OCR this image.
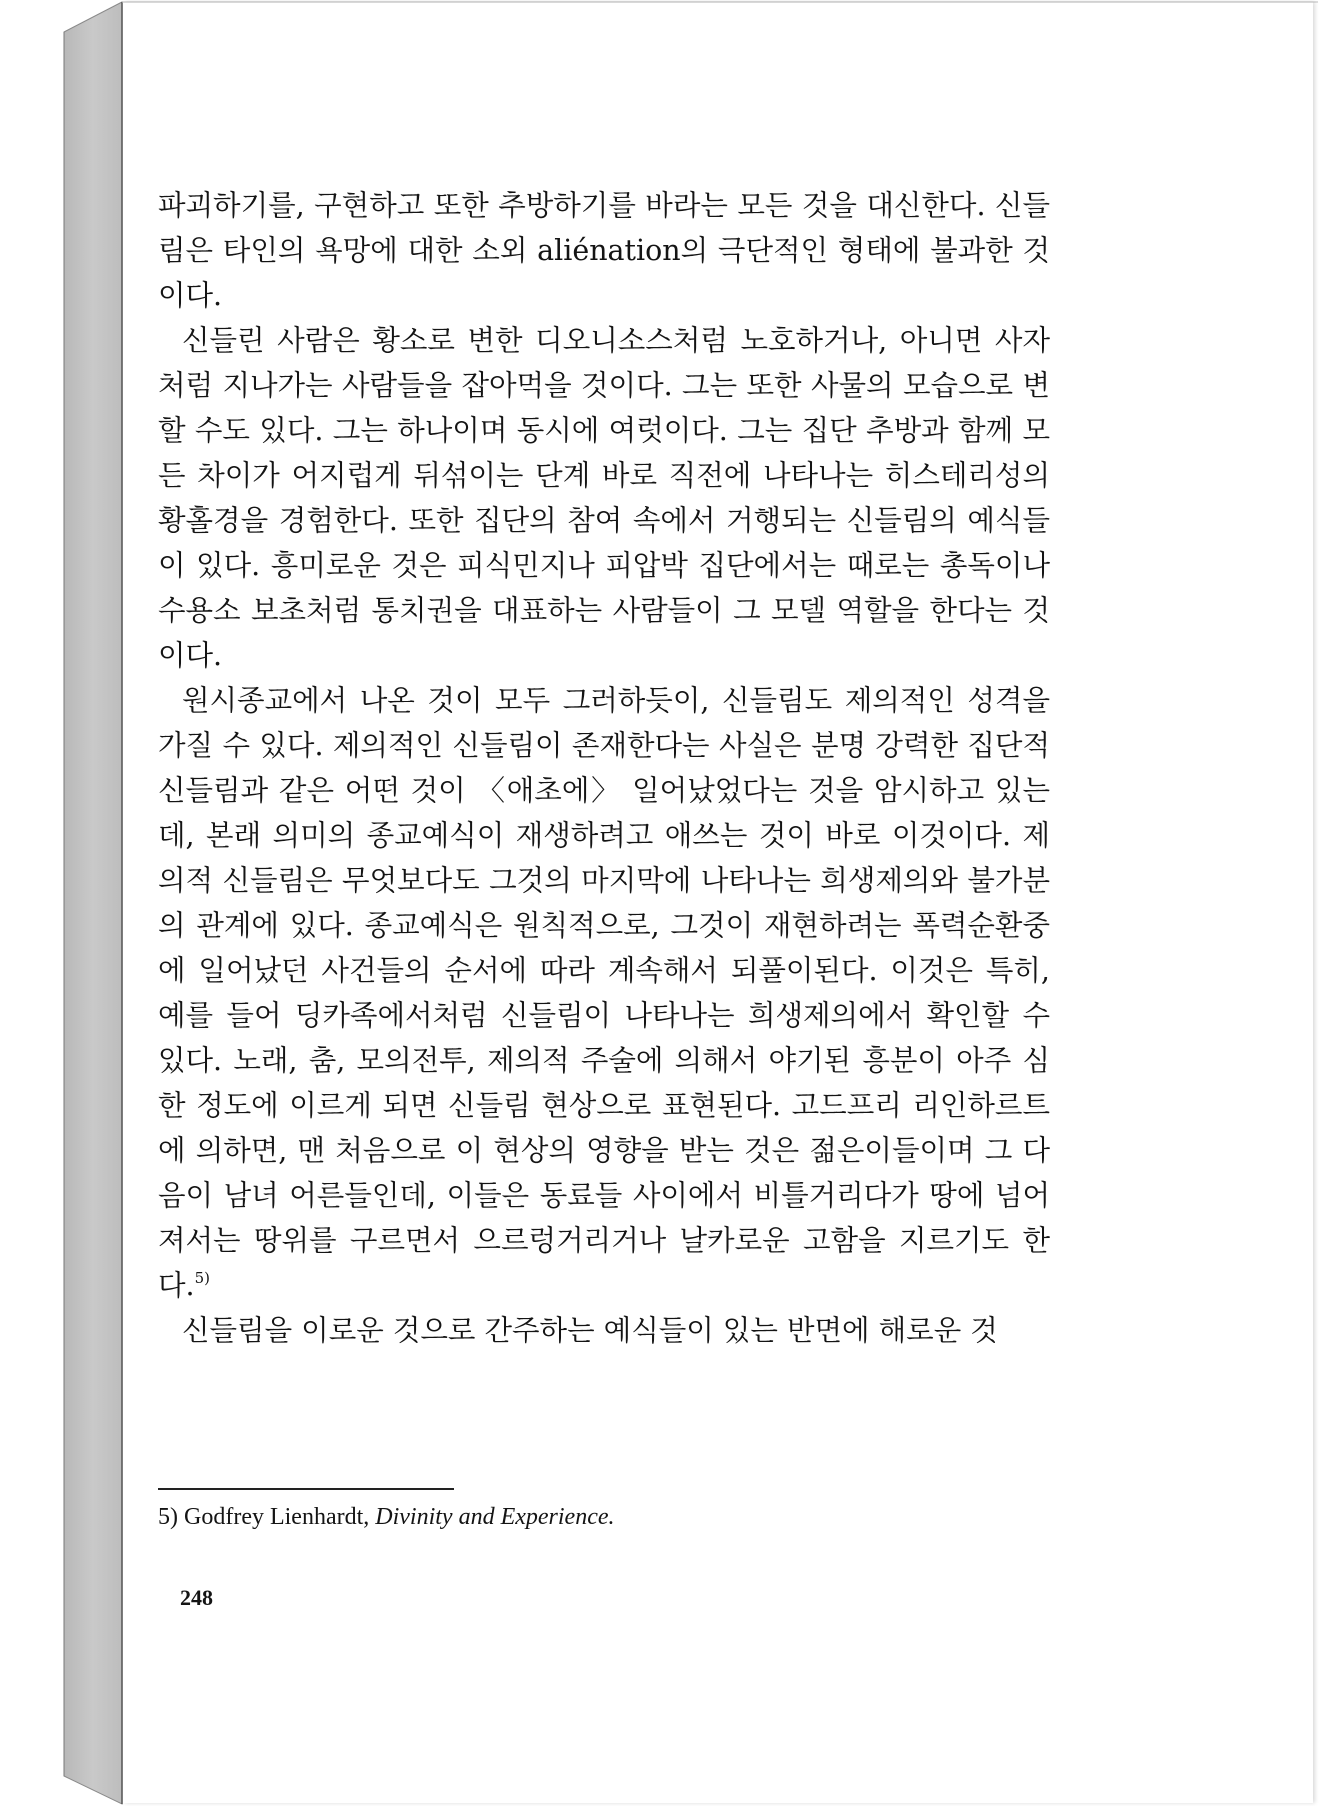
파괴하기를, 구현하고 또한 추방하기를 바라는 모든 것을 대신한다. 신들림은 타인의 욕망에 대한 소외 aliénation의 극단적인 형태에 불과한 것이다.

신들린 사람은 황소로 변한 디오니소스처럼 노호하거나, 아니면 사자처럼 지나가는 사람들을 잡아먹을 것이다. 그는 또한 사물의 모습으로 변할 수도 있다. 그는 하나이며 동시에 여럿이다. 그는 집단 추방과 함께 모든 차이가 어지럽게 뒤섞이는 단계 바로 직전에 나타나는 히스테리성의 황홀경을 경험한다. 또한 집단의 참여 속에서 거행되는 신들림의 예식들이 있다. 흥미로운 것은 피식민지나 피압박 집단에서는 때로는 총독이나 수용소 보초처럼 통치권을 대표하는 사람들이 그 모델 역할을 한다는 것이다.

원시종교에서 나온 것이 모두 그러하듯이, 신들림도 제의적인 성격을 가질 수 있다. 제의적인 신들림이 존재한다는 사실은 분명 강력한 집단적 신들림과 같은 어떤 것이 〈애초에〉 일어났었다는 것을 암시하고 있는데, 본래 의미의 종교예식이 재생하려고 애쓰는 것이 바로 이것이다. 제의적 신들림은 무엇보다도 그것의 마지막에 나타나는 희생제의와 불가분의 관계에 있다. 종교예식은 원칙적으로, 그것이 재현하려는 폭력순환중에 일어났던 사건들의 순서에 따라 계속해서 되풀이된다. 이것은 특히, 예를 들어 딩카족에서처럼 신들림이 나타나는 희생제의에서 확인할 수 있다. 노래, 춤, 모의전투, 제의적 주술에 의해서 야기된 흥분이 아주 심한 정도에 이르게 되면 신들림 현상으로 표현된다. 고드프리 리인하르트에 의하면, 맨 처음으로 이 현상의 영향을 받는 것은 젊은이들이며 그 다음이 남녀 어른들인데, 이들은 동료들 사이에서 비틀거리다가 땅에 넘어져서는 땅위를 구르면서 으르렁거리거나 날카로운 고함을 지르기도 한다.$^{5)}$

신들림을 이로운 것으로 간주하는 예식들이 있는 반면에 해로운 것

5) Godfrey Lienhardt, Divinity and Experience.
248
